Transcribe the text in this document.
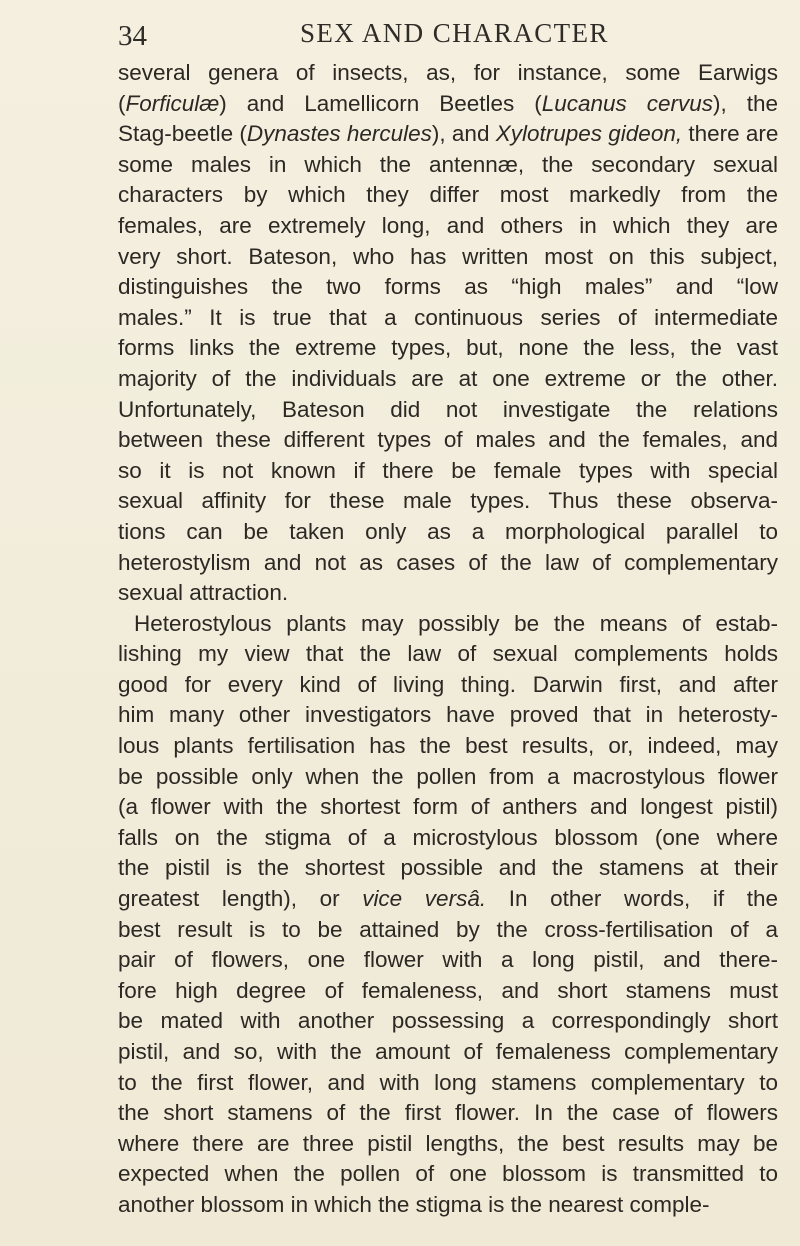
34	SEX AND CHARACTER
several genera of insects, as, for instance, some Earwigs
(Forficulæ) and Lamellicorn Beetles (Lucanus cervus), the
Stag-beetle (Dynastes hercules), and Xylotrupes gideon, there are
some males in which the antennæ, the secondary sexual
characters by which they differ most markedly from the
females, are extremely long, and others in which they are
very short. Bateson, who has written most on this subject,
distinguishes the two forms as “high males” and “low
males.” It is true that a continuous series of intermediate
forms links the extreme types, but, none the less, the vast
majority of the individuals are at one extreme or the other.
Unfortunately, Bateson did not investigate the relations
between these different types of males and the females, and
so it is not known if there be female types with special
sexual affinity for these male types. Thus these observa-
tions can be taken only as a morphological parallel to
heterostylism and not as cases of the law of complementary
sexual attraction.
Heterostylous plants may possibly be the means of estab-
lishing my view that the law of sexual complements holds
good for every kind of living thing. Darwin first, and after
him many other investigators have proved that in heterosty-
lous plants fertilisation has the best results, or, indeed, may
be possible only when the pollen from a macrostylous flower
(a flower with the shortest form of anthers and longest pistil)
falls on the stigma of a microstylous blossom (one where
the pistil is the shortest possible and the stamens at their
greatest length), or vice versâ. In other words, if the
best result is to be attained by the cross-fertilisation of a
pair of flowers, one flower with a long pistil, and there-
fore high degree of femaleness, and short stamens must
be mated with another possessing a correspondingly short
pistil, and so, with the amount of femaleness complementary
to the first flower, and with long stamens complementary to
the short stamens of the first flower. In the case of flowers
where there are three pistil lengths, the best results may be
expected when the pollen of one blossom is transmitted to
another blossom in which the stigma is the nearest comple-
